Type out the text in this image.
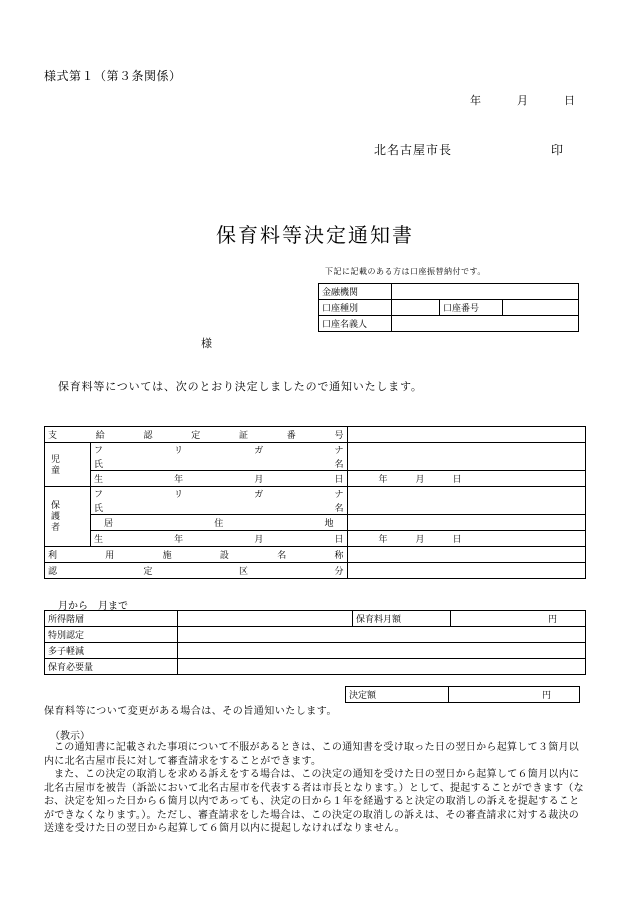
様式第１（第３条関係）
年	月	日
北名古屋市長	印
保育料等決定通知書
下記に記載のある方は口座振替納付です。
金融機関			
口座種別		口座番号	
口座名義人			
様
保育料等については、次のとおり決定しましたので通知いたします。
支給認定証番号		

児童	フリガナ	

	氏名	

	生年月日	年 月 日

保護者	フリガナ	

	氏名	

	居住地	

	生年月日	年 月 日

利用施設名称		

認定区分		

月から　月まで
所得階層		保育料月額	円
特別認定			
多子軽減			
保育必要量			
決定額	円
保育料等について変更がある場合は、その旨通知いたします。
（教示）
この通知書に記載された事項について不服があるときは、この通知書を受け取った日の翌日から起算して３箇月以内に北名古屋市長に対して審査請求をすることができます。
また、この決定の取消しを求める訴えをする場合は、この決定の通知を受けた日の翌日から起算して６箇月以内に北名古屋市を被告（訴訟において北名古屋市を代表する者は市長となります。）として、提起することができます（なお、決定を知った日から６箇月以内であっても、決定の日から１年を経過すると決定の取消しの訴えを提起することができなくなります。）。ただし、審査請求をした場合は、この決定の取消しの訴えは、その審査請求に対する裁決の送達を受けた日の翌日から起算して６箇月以内に提起しなければなりません。
